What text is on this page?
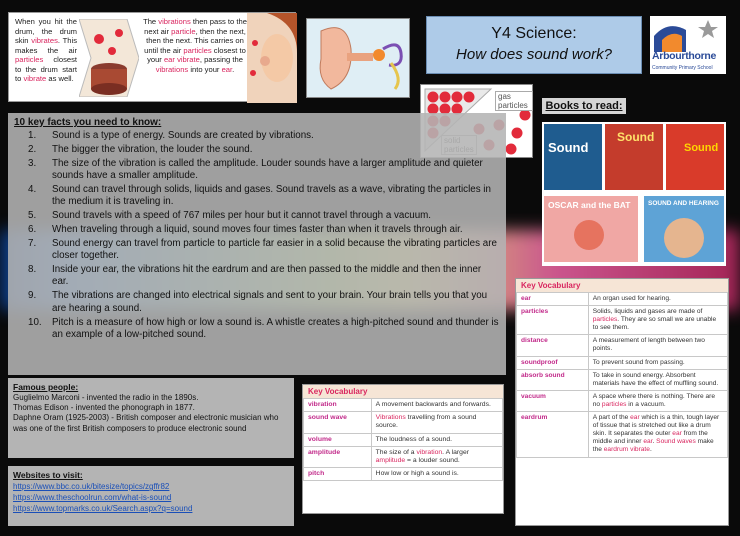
When you hit the drum, the drum skin vibrates. This makes the air particles closest to the drum start to vibrate as well.
The vibrations then pass to the next air particle, then the next, then the next. This carries on until the air particles closest to your ear vibrate, passing the vibrations into your ear.
Y4 Science:
How does sound work?	Arbourthorne
Community Primary School
gas particles	Books to read:
Sound
Sound
Sound
OSCAR and the BAT	SOUND AND HEARING
10 key facts you need to know:
1. Sound is a type of energy. Sounds are created by vibrations.
2. The bigger the vibration, the louder the sound.
3. The size of the vibration is called the amplitude. Louder sounds have a larger amplitude and quieter sounds have a smaller amplitude.
4. Sound can travel through solids, liquids and gases. Sound travels as a wave, vibrating the particles in the medium it is traveling in.
5. Sound travels with a speed of 767 miles per hour but it cannot travel through a vacuum.
6. When traveling through a liquid, sound moves four times faster than when it travels through air.
7. Sound energy can travel from particle to particle far easier in a solid because the vibrating particles are closer together.
8. Inside your ear, the vibrations hit the eardrum and are then passed to the middle and then the inner ear.
9. The vibrations are changed into electrical signals and sent to your brain. Your brain tells you that you are hearing a sound.
10. Pitch is a measure of how high or low a sound is. A whistle creates a high-pitched sound and thunder is an example of a low-pitched sound.
Famous people:
Guglielmo Marconi - invented the radio in the 1890s.
Thomas Edison - invented the phonograph in 1877.
Daphne Oram (1925-2003) - British composer and electronic musician who was one of the first British composers to produce electronic sound
Websites to visit:
https://www.bbc.co.uk/bitesize/topics/zgffr82
https://www.theschoolrun.com/what-is-sound
https://www.topmarks.co.uk/Search.aspx?q=sound
Key Vocabulary
vibration	A movement backwards and forwards.
sound wave	Vibrations travelling from a sound source.
volume	The loudness of a sound.
amplitude	The size of a vibration. A larger amplitude = a louder sound.
pitch	How low or high a sound is.
Key Vocabulary
ear	An organ used for hearing.
particles	Solids, liquids and gases are made of particles. They are so small we are unable to see them.
distance	A measurement of length between two points.
soundproof	To prevent sound from passing.
absorb sound	To take in sound energy. Absorbent materials have the effect of muffling sound.
vacuum	A space where there is nothing. There are no particles in a vacuum.
eardrum	A part of the ear which is a thin, tough layer of tissue that is stretched out like a drum skin. It separates the outer ear from the middle and inner ear. Sound waves make the eardrum vibrate.
